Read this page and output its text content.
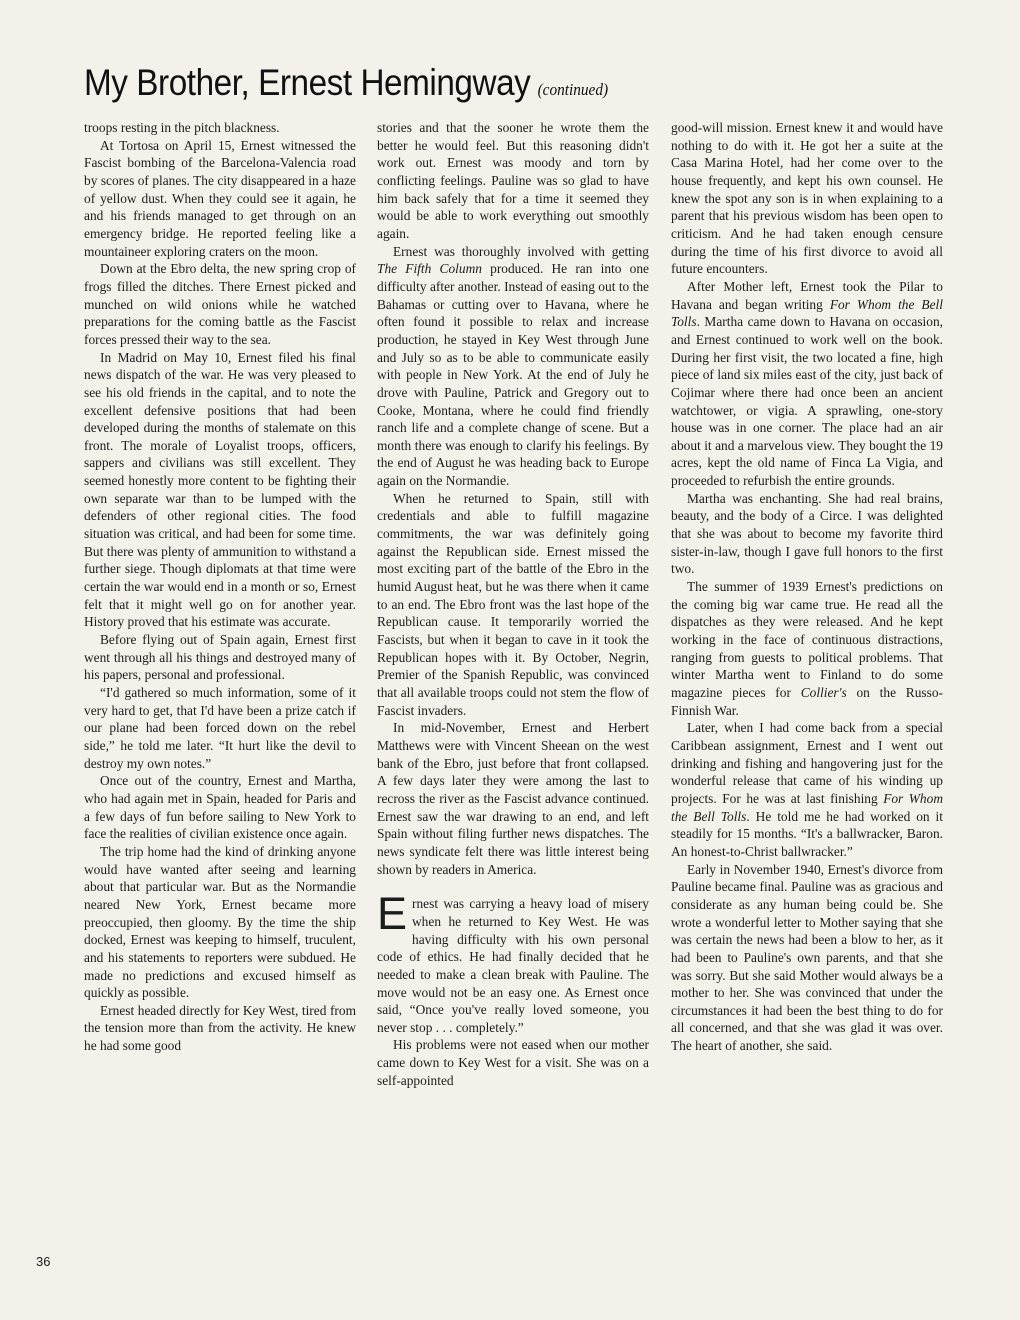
My Brother, Ernest Hemingway (continued)

troops resting in the pitch blackness.

At Tortosa on April 15, Ernest witnessed the Fascist bombing of the Barcelona-Valencia road by scores of planes. The city disappeared in a haze of yellow dust. When they could see it again, he and his friends managed to get through on an emergency bridge. He reported feeling like a mountaineer exploring craters on the moon.

Down at the Ebro delta, the new spring crop of frogs filled the ditches. There Ernest picked and munched on wild onions while he watched preparations for the coming battle as the Fascist forces pressed their way to the sea.

In Madrid on May 10, Ernest filed his final news dispatch of the war. He was very pleased to see his old friends in the capital, and to note the excellent defensive positions that had been developed during the months of stalemate on this front. The morale of Loyalist troops, officers, sappers and civilians was still excellent. They seemed honestly more content to be fighting their own separate war than to be lumped with the defenders of other regional cities. The food situation was critical, and had been for some time. But there was plenty of ammunition to withstand a further siege. Though diplomats at that time were certain the war would end in a month or so, Ernest felt that it might well go on for another year. History proved that his estimate was accurate.

Before flying out of Spain again, Ernest first went through all his things and destroyed many of his papers, personal and professional.

“I'd gathered so much information, some of it very hard to get, that I'd have been a prize catch if our plane had been forced down on the rebel side,” he told me later. “It hurt like the devil to destroy my own notes.”

Once out of the country, Ernest and Martha, who had again met in Spain, headed for Paris and a few days of fun before sailing to New York to face the realities of civilian existence once again.

The trip home had the kind of drinking anyone would have wanted after seeing and learning about that particular war. But as the Normandie neared New York, Ernest became more preoccupied, then gloomy. By the time the ship docked, Ernest was keeping to himself, truculent, and his statements to reporters were subdued. He made no predictions and excused himself as quickly as possible.

Ernest headed directly for Key West, tired from the tension more than from the activity. He knew he had some good

stories and that the sooner he wrote them the better he would feel. But this reasoning didn't work out. Ernest was moody and torn by conflicting feelings. Pauline was so glad to have him back safely that for a time it seemed they would be able to work everything out smoothly again.

Ernest was thoroughly involved with getting The Fifth Column produced. He ran into one difficulty after another. Instead of easing out to the Bahamas or cutting over to Havana, where he often found it possible to relax and increase production, he stayed in Key West through June and July so as to be able to communicate easily with people in New York. At the end of July he drove with Pauline, Patrick and Gregory out to Cooke, Montana, where he could find friendly ranch life and a complete change of scene. But a month there was enough to clarify his feelings. By the end of August he was heading back to Europe again on the Normandie.

When he returned to Spain, still with credentials and able to fulfill magazine commitments, the war was definitely going against the Republican side. Ernest missed the most exciting part of the battle of the Ebro in the humid August heat, but he was there when it came to an end. The Ebro front was the last hope of the Republican cause. It temporarily worried the Fascists, but when it began to cave in it took the Republican hopes with it. By October, Negrin, Premier of the Spanish Republic, was convinced that all available troops could not stem the flow of Fascist invaders.

In mid-November, Ernest and Herbert Matthews were with Vincent Sheean on the west bank of the Ebro, just before that front collapsed. A few days later they were among the last to recross the river as the Fascist advance continued. Ernest saw the war drawing to an end, and left Spain without filing further news dispatches. The news syndicate felt there was little interest being shown by readers in America.

Ernest was carrying a heavy load of misery when he returned to Key West. He was having difficulty with his own personal code of ethics. He had finally decided that he needed to make a clean break with Pauline. The move would not be an easy one. As Ernest once said, “Once you've really loved someone, you never stop . . . completely.”

His problems were not eased when our mother came down to Key West for a visit. She was on a self-appointed

good-will mission. Ernest knew it and would have nothing to do with it. He got her a suite at the Casa Marina Hotel, had her come over to the house frequently, and kept his own counsel. He knew the spot any son is in when explaining to a parent that his previous wisdom has been open to criticism. And he had taken enough censure during the time of his first divorce to avoid all future encounters.

After Mother left, Ernest took the Pilar to Havana and began writing For Whom the Bell Tolls. Martha came down to Havana on occasion, and Ernest continued to work well on the book. During her first visit, the two located a fine, high piece of land six miles east of the city, just back of Cojimar where there had once been an ancient watchtower, or vigia. A sprawling, one-story house was in one corner. The place had an air about it and a marvelous view. They bought the 19 acres, kept the old name of Finca La Vigia, and proceeded to refurbish the entire grounds.

Martha was enchanting. She had real brains, beauty, and the body of a Circe. I was delighted that she was about to become my favorite third sister-in-law, though I gave full honors to the first two.

The summer of 1939 Ernest's predictions on the coming big war came true. He read all the dispatches as they were released. And he kept working in the face of continuous distractions, ranging from guests to political problems. That winter Martha went to Finland to do some magazine pieces for Collier's on the Russo-Finnish War.

Later, when I had come back from a special Caribbean assignment, Ernest and I went out drinking and fishing and hangovering just for the wonderful release that came of his winding up projects. For he was at last finishing For Whom the Bell Tolls. He told me he had worked on it steadily for 15 months. “It's a ballwracker, Baron. An honest-to-Christ ballwracker.”

Early in November 1940, Ernest's divorce from Pauline became final. Pauline was as gracious and considerate as any human being could be. She wrote a wonderful letter to Mother saying that she was certain the news had been a blow to her, as it had been to Pauline's own parents, and that she was sorry. But she said Mother would always be a mother to her. She was convinced that under the circumstances it had been the best thing to do for all concerned, and that she was glad it was over. The heart of another, she said.

36
